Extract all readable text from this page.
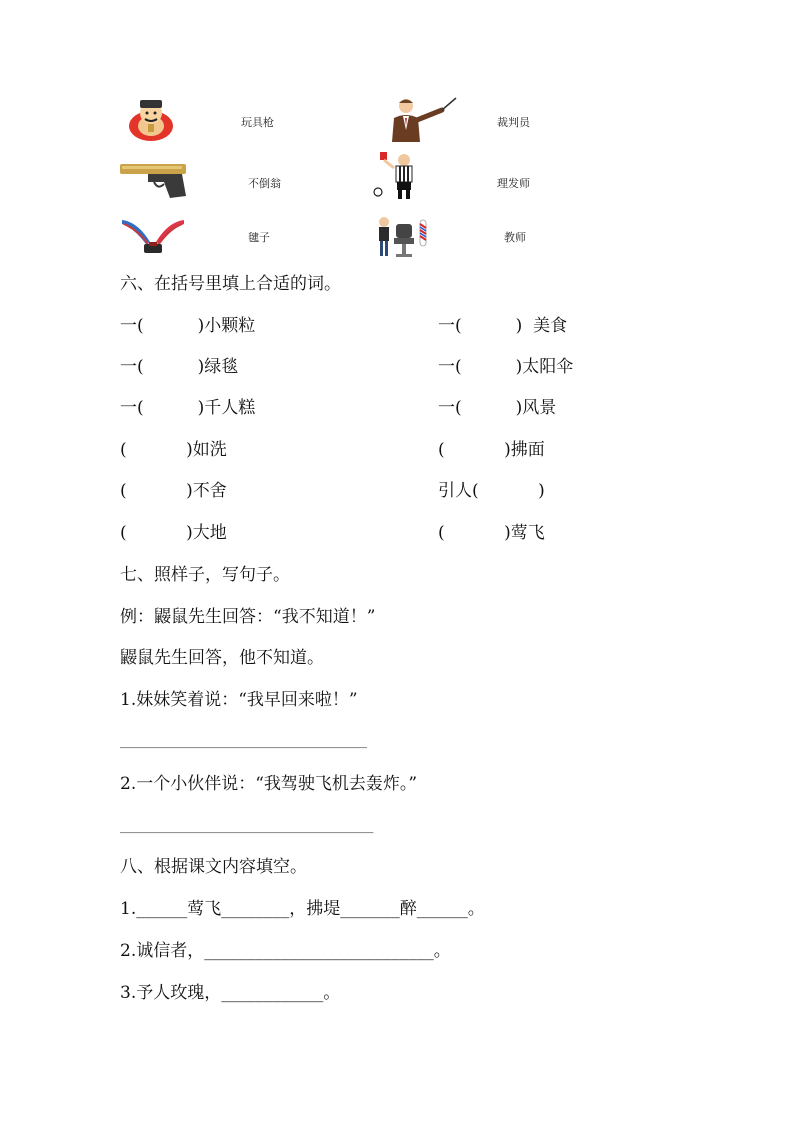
玩具枪	裁判员
不倒翁	理发师
毽子	教师
六、在括号里填上合适的词。
一(          )小颗粒	一(          )  美食
一(          )绿毯	一(          )太阳伞
一(          )千人糕	一(          )风景
(           )如洗	(           )拂面
(           )不舍	引人(           )
(           )大地	(           )莺飞
七、照样子，写句子。
例：鼹鼠先生回答：“我不知道！”
鼹鼠先生回答，他不知道。
1.妹妹笑着说：“我早回来啦！”
______________________________________
2.一个小伙伴说：“我驾驶飞机去轰炸。”
_______________________________________
八、根据课文内容填空。
1.______莺飞________，拂堤_______醉______。
2.诚信者，___________________________。
3.予人玫瑰，____________。
